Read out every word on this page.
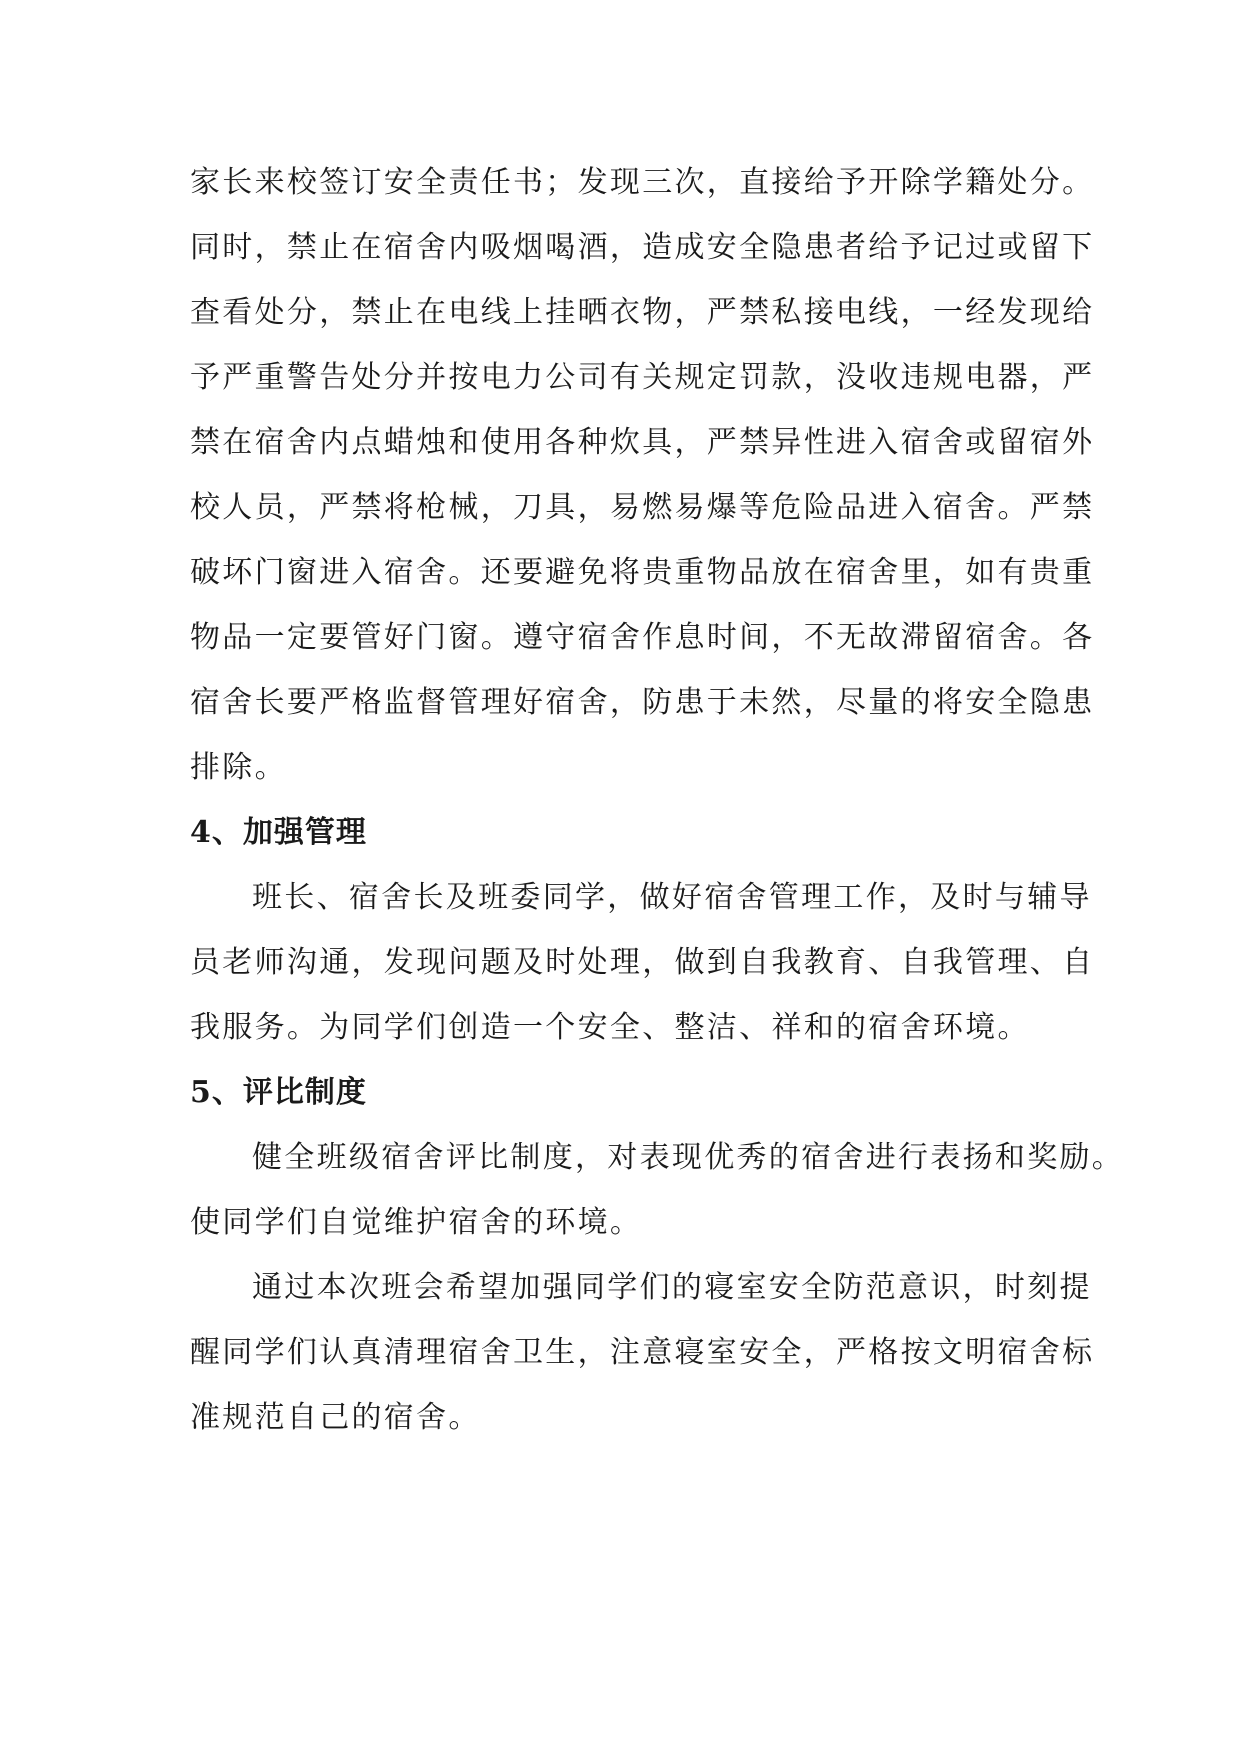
家长来校签订安全责任书；发现三次，直接给予开除学籍处分。
同时，禁止在宿舍内吸烟喝酒，造成安全隐患者给予记过或留下
查看处分，禁止在电线上挂晒衣物，严禁私接电线，一经发现给
予严重警告处分并按电力公司有关规定罚款，没收违规电器，严
禁在宿舍内点蜡烛和使用各种炊具，严禁异性进入宿舍或留宿外
校人员，严禁将枪械，刀具，易燃易爆等危险品进入宿舍。严禁
破坏门窗进入宿舍。还要避免将贵重物品放在宿舍里，如有贵重
物品一定要管好门窗。遵守宿舍作息时间，不无故滞留宿舍。各
宿舍长要严格监督管理好宿舍，防患于未然，尽量的将安全隐患
排除。

4、加强管理

班长、宿舍长及班委同学，做好宿舍管理工作，及时与辅导

员老师沟通，发现问题及时处理，做到自我教育、自我管理、自
我服务。为同学们创造一个安全、整洁、祥和的宿舍环境。

5、评比制度

健全班级宿舍评比制度，对表现优秀的宿舍进行表扬和奖励。

使同学们自觉维护宿舍的环境。

通过本次班会希望加强同学们的寝室安全防范意识，时刻提

醒同学们认真清理宿舍卫生，注意寝室安全，严格按文明宿舍标
准规范自己的宿舍。
